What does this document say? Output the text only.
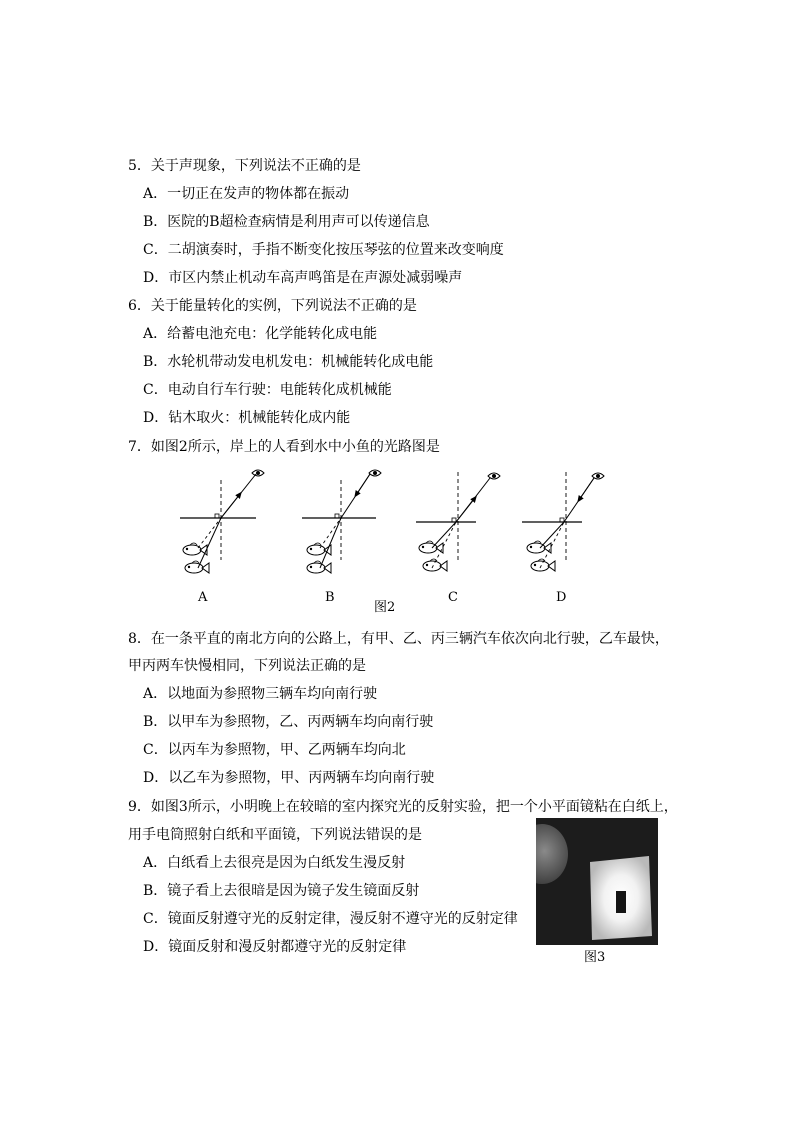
5．关于声现象，下列说法不正确的是
A．一切正在发声的物体都在振动
B．医院的B超检查病情是利用声可以传递信息
C．二胡演奏时，手指不断变化按压琴弦的位置来改变响度
D．市区内禁止机动车高声鸣笛是在声源处减弱噪声
6．关于能量转化的实例，下列说法不正确的是
A．给蓄电池充电：化学能转化成电能
B．水轮机带动发电机发电：机械能转化成电能
C．电动自行车行驶：电能转化成机械能
D．钻木取火：机械能转化成内能
7．如图2所示，岸上的人看到水中小鱼的光路图是
A	B	C	D
图2
8．在一条平直的南北方向的公路上，有甲、乙、丙三辆汽车依次向北行驶，乙车最快，
甲丙两车快慢相同，下列说法正确的是
A．以地面为参照物三辆车均向南行驶
B．以甲车为参照物，乙、丙两辆车均向南行驶
C．以丙车为参照物，甲、乙两辆车均向北
D．以乙车为参照物，甲、丙两辆车均向南行驶
9．如图3所示，小明晚上在较暗的室内探究光的反射实验，把一个小平面镜粘在白纸上，
用手电筒照射白纸和平面镜，下列说法错误的是
A．白纸看上去很亮是因为白纸发生漫反射
B．镜子看上去很暗是因为镜子发生镜面反射
C．镜面反射遵守光的反射定律，漫反射不遵守光的反射定律
D．镜面反射和漫反射都遵守光的反射定律
图3
